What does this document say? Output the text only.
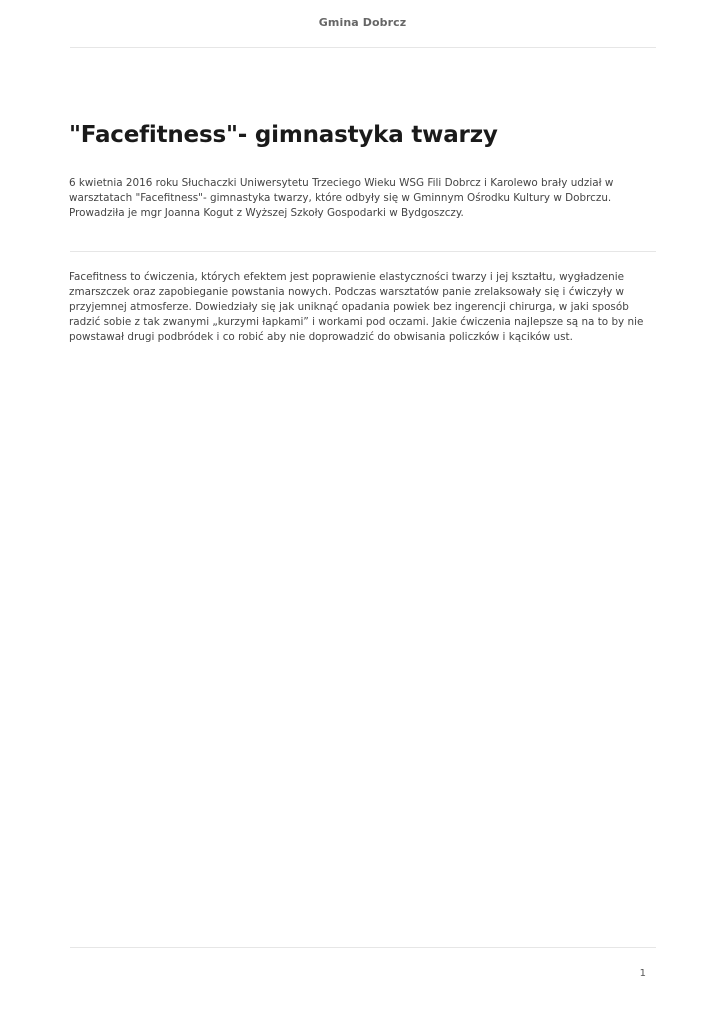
Gmina Dobrcz
"Facefitness"- gimnastyka twarzy

6 kwietnia 2016 roku Słuchaczki Uniwersytetu Trzeciego Wieku WSG Fili Dobrcz i Karolewo brały udział w warsztatach "Facefitness"- gimnastyka twarzy, które odbyły się w Gminnym Ośrodku Kultury w Dobrczu. Prowadziła je mgr Joanna Kogut z Wyższej Szkoły Gospodarki w Bydgoszczy.

Facefitness to ćwiczenia, których efektem jest poprawienie elastyczności twarzy i jej kształtu, wygładzenie zmarszczek oraz zapobieganie powstania nowych. Podczas warsztatów panie zrelaksowały się i ćwiczyły w przyjemnej atmosferze. Dowiedziały się jak uniknąć opadania powiek bez ingerencji chirurga, w jaki sposób radzić sobie z tak zwanymi „kurzymi łapkami” i workami pod oczami. Jakie ćwiczenia najlepsze są na to by nie powstawał drugi podbródek i co robić aby nie doprowadzić do obwisania policzków i kącików ust.

1
